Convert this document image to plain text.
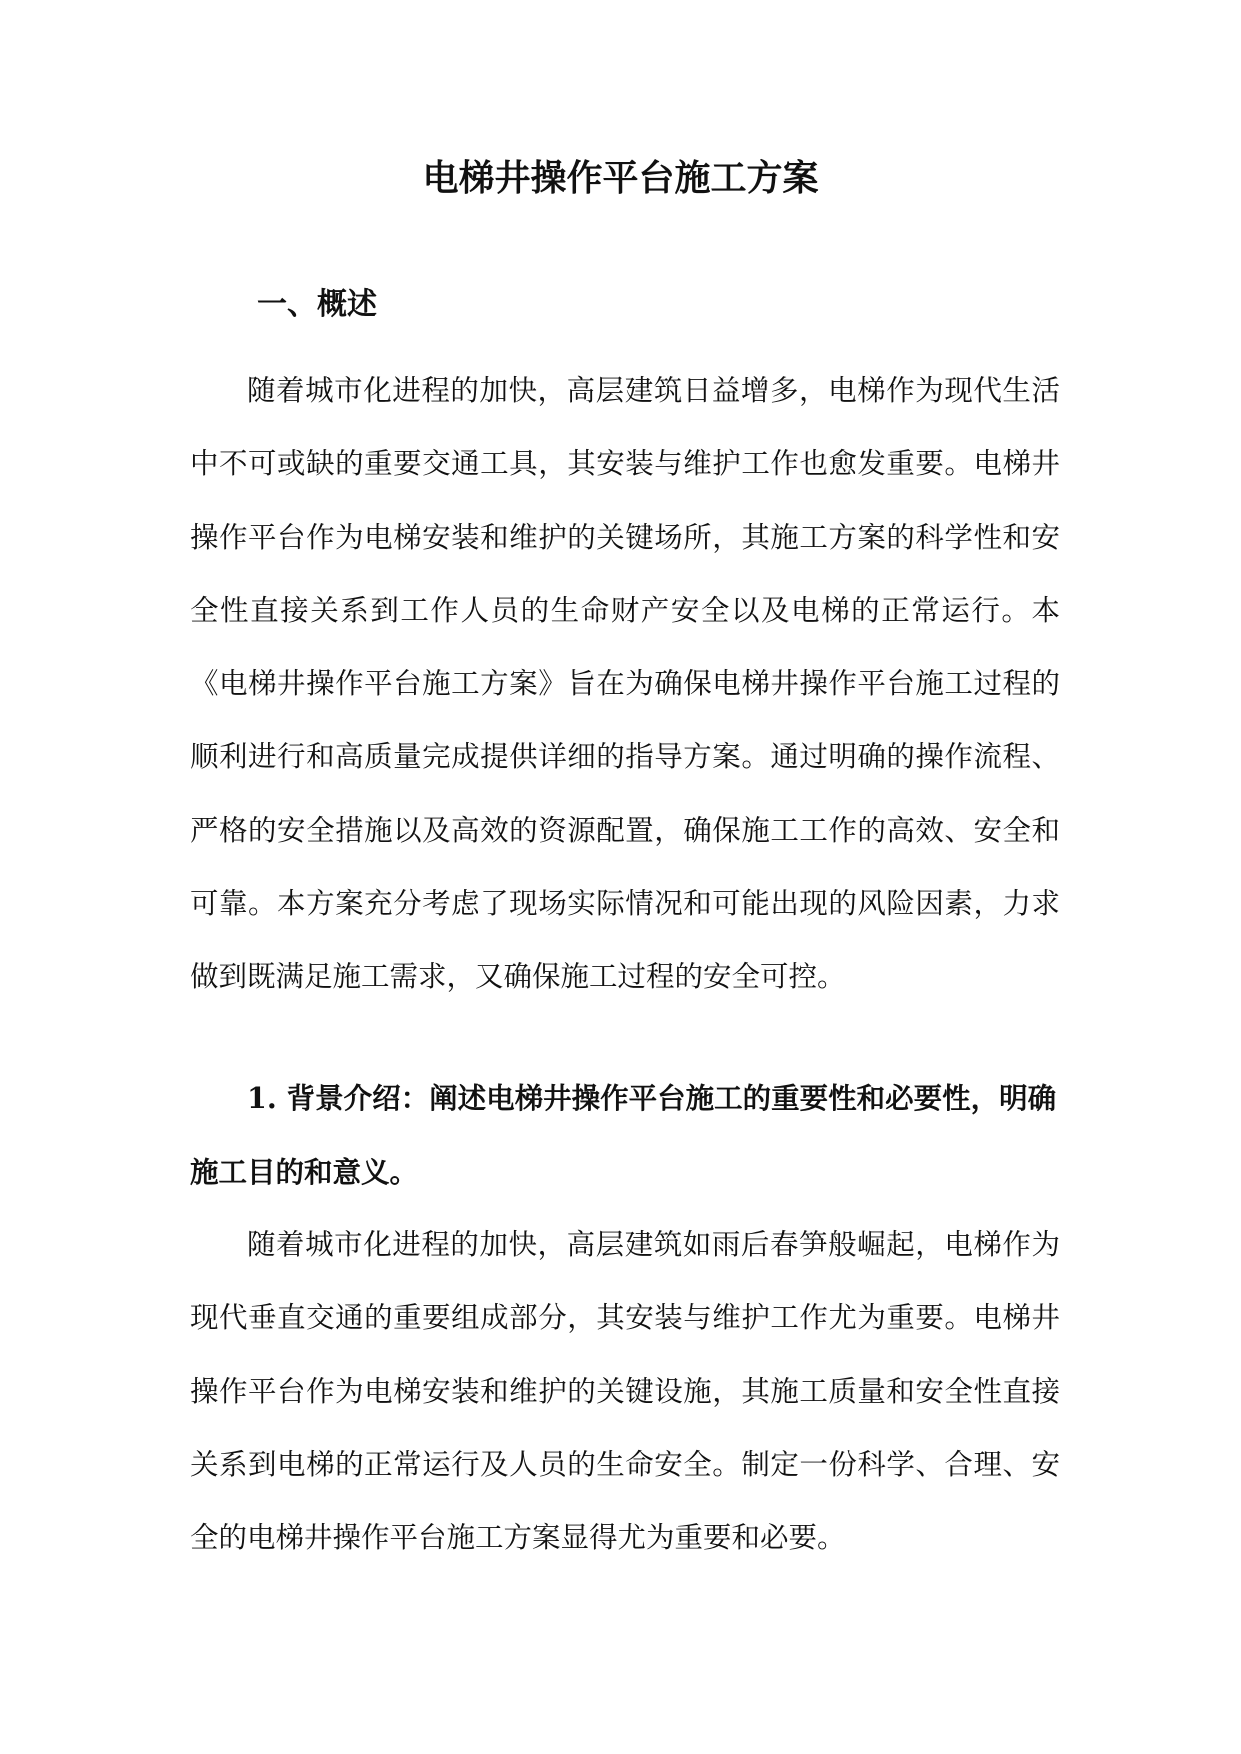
电梯井操作平台施工方案
一、概述

随着城市化进程的加快，高层建筑日益增多，电梯作为现代生活中不可或缺的重要交通工具，其安装与维护工作也愈发重要。电梯井操作平台作为电梯安装和维护的关键场所，其施工方案的科学性和安全性直接关系到工作人员的生命财产安全以及电梯的正常运行。本《电梯井操作平台施工方案》旨在为确保电梯井操作平台施工过程的顺利进行和高质量完成提供详细的指导方案。通过明确的操作流程、严格的安全措施以及高效的资源配置，确保施工工作的高效、安全和可靠。本方案充分考虑了现场实际情况和可能出现的风险因素，力求做到既满足施工需求，又确保施工过程的安全可控。

1. 背景介绍：阐述电梯井操作平台施工的重要性和必要性，明确施工目的和意义。

随着城市化进程的加快，高层建筑如雨后春笋般崛起，电梯作为现代垂直交通的重要组成部分，其安装与维护工作尤为重要。电梯井操作平台作为电梯安装和维护的关键设施，其施工质量和安全性直接关系到电梯的正常运行及人员的生命安全。制定一份科学、合理、安全的电梯井操作平台施工方案显得尤为重要和必要。
